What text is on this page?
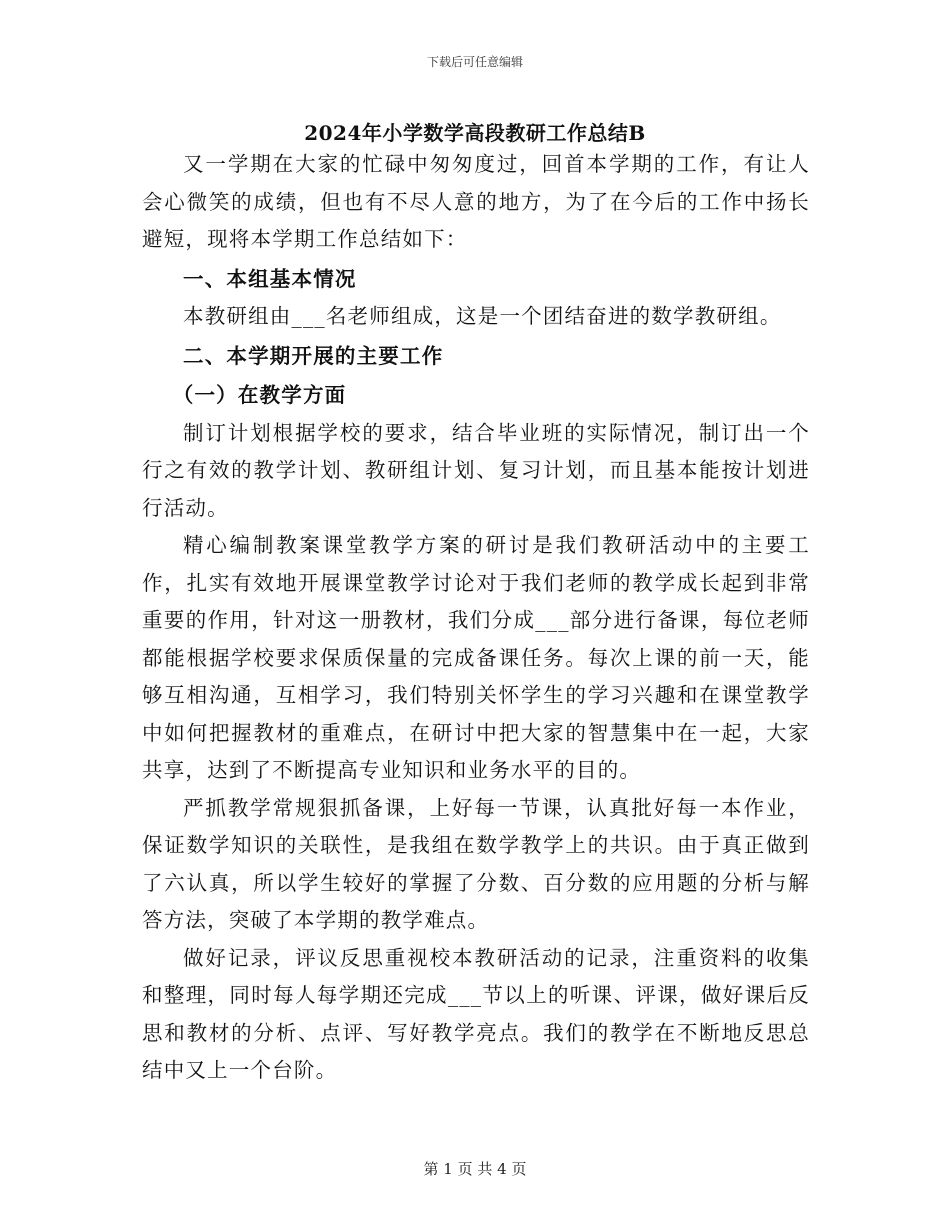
下载后可任意编辑
2024年小学数学高段教研工作总结B

又一学期在大家的忙碌中匆匆度过，回首本学期的工作，有让人会心微笑的成绩，但也有不尽人意的地方，为了在今后的工作中扬长避短，现将本学期工作总结如下：

一、本组基本情况

本教研组由___名老师组成，这是一个团结奋进的数学教研组。

二、本学期开展的主要工作

（一）在教学方面

制订计划根据学校的要求，结合毕业班的实际情况，制订出一个行之有效的教学计划、教研组计划、复习计划，而且基本能按计划进行活动。

精心编制教案课堂教学方案的研讨是我们教研活动中的主要工作，扎实有效地开展课堂教学讨论对于我们老师的教学成长起到非常重要的作用，针对这一册教材，我们分成___部分进行备课，每位老师都能根据学校要求保质保量的完成备课任务。每次上课的前一天，能够互相沟通，互相学习，我们特别关怀学生的学习兴趣和在课堂教学中如何把握教材的重难点，在研讨中把大家的智慧集中在一起，大家共享，达到了不断提高专业知识和业务水平的目的。

严抓教学常规狠抓备课，上好每一节课，认真批好每一本作业，保证数学知识的关联性，是我组在数学教学上的共识。由于真正做到了六认真，所以学生较好的掌握了分数、百分数的应用题的分析与解答方法，突破了本学期的教学难点。

做好记录，评议反思重视校本教研活动的记录，注重资料的收集和整理，同时每人每学期还完成___节以上的听课、评课，做好课后反思和教材的分析、点评、写好教学亮点。我们的教学在不断地反思总结中又上一个台阶。

第 1 页 共 4 页
